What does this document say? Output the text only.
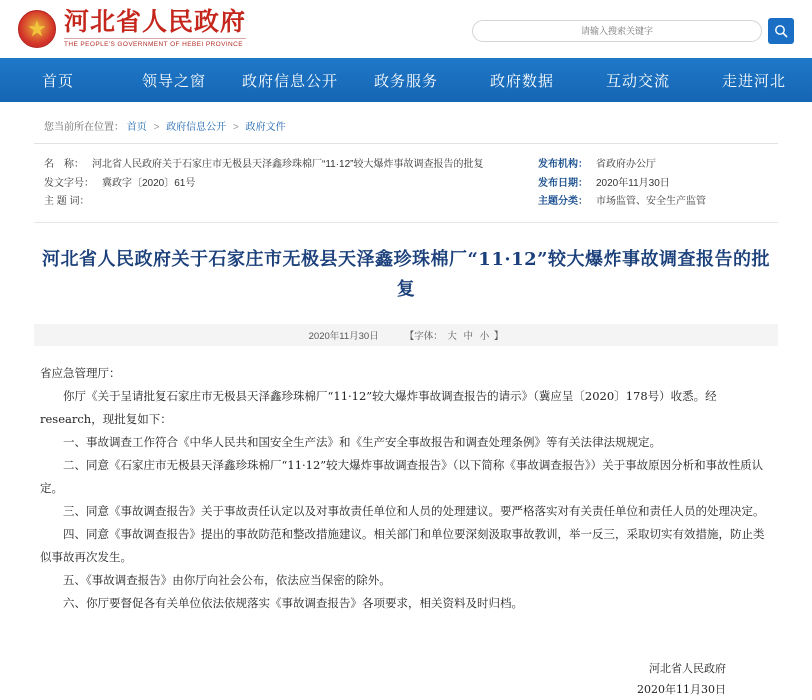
河北省人民政府
THE PEOPLE'S GOVERNMENT OF HEBEI PROVINCE
请输入搜索关键字
首页	领导之窗	政府信息公开	政务服务	政府数据	互动交流	走进河北
您当前所在位置： 首页 > 政府信息公开 > 政府文件
名　称： 河北省人民政府关于石家庄市无极县天泽鑫珍珠棉厂“11·12”较大爆炸事故调查报告的批复
发文字号： 冀政字〔2020〕61号
主 题 词：
发布机构： 省政府办公厅
发布日期： 2020年11月30日
主题分类： 市场监管、安全生产监管
河北省人民政府关于石家庄市无极县天泽鑫珍珠棉厂“11·12”较大爆炸事故调查报告的批复
2020年11月30日	【字体： 大 中 小 】

省应急管理厅：

你厅《关于呈请批复石家庄市无极县天泽鑫珍珠棉厂“11·12”较大爆炸事故调查报告的请示》（冀应呈〔2020〕178号）收悉。经research，现批复如下：

一、事故调查工作符合《中华人民共和国安全生产法》和《生产安全事故报告和调查处理条例》等有关法律法规规定。

二、同意《石家庄市无极县天泽鑫珍珠棉厂“11·12”较大爆炸事故调查报告》（以下简称《事故调查报告》）关于事故原因分析和事故性质认定。

三、同意《事故调查报告》关于事故责任认定以及对事故责任单位和人员的处理建议。要严格落实对有关责任单位和责任人员的处理决定。

四、同意《事故调查报告》提出的事故防范和整改措施建议。相关部门和单位要深刻汲取事故教训，举一反三，采取切实有效措施，防止类似事故再次发生。

五、《事故调查报告》由你厅向社会公布，依法应当保密的除外。

六、你厅要督促各有关单位依法依规落实《事故调查报告》各项要求，相关资料及时归档。

河北省人民政府
2020年11月30日
